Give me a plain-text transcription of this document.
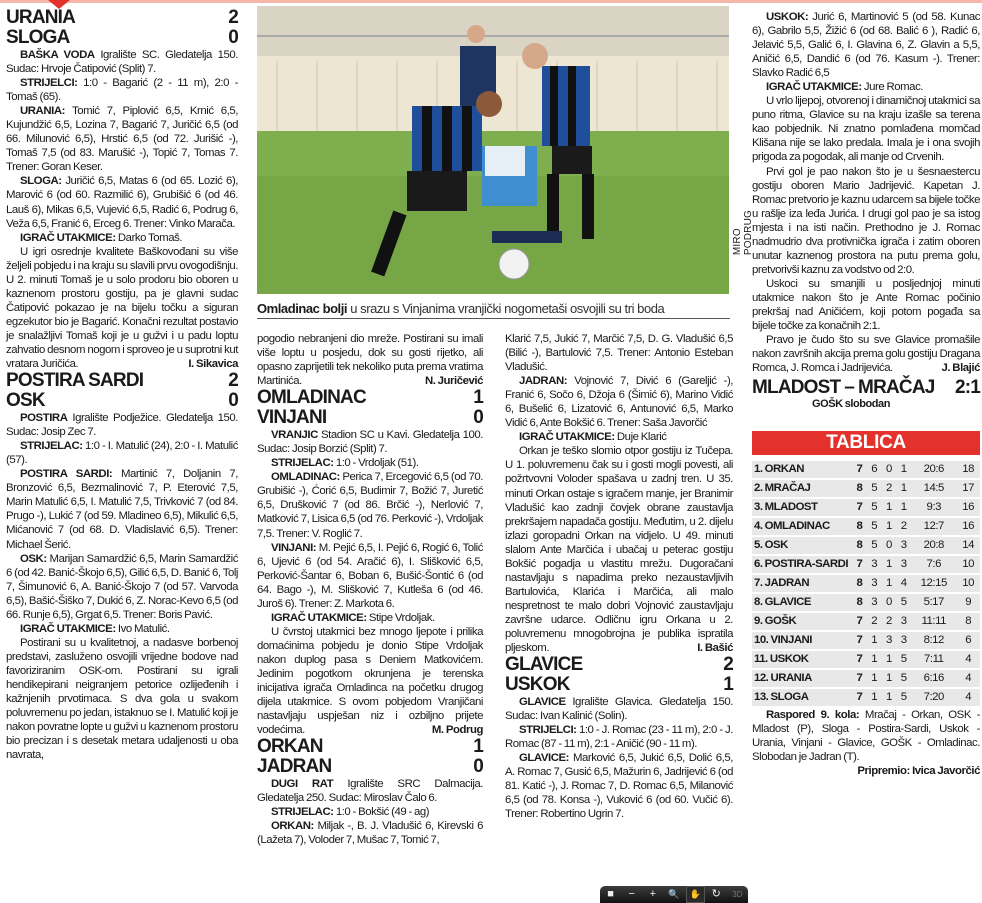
URANIA	2
SLOGA	0

BAŠKA VODA Igralište SC. Gledatelja 150. Sudac: Hrvoje Čatipović (Split) 7.

STRIJELCI: 1:0 - Bagarić (2 - 11 m), 2:0 - Tomaš (65).

URANIA: Tomić 7, Piplović 6,5, Krnić 6,5, Kujundžić 6,5, Lozina 7, Bagarić 7, Juričić 6,5 (od 66. Milunović 6,5), Hrstić 6,5 (od 72. Jurišić -), Tomaš 7,5 (od 83. Marušić -), Topić 7, Tomas 7. Trener: Goran Keser.

SLOGA: Juričić 6,5, Matas 6 (od 65. Lozić 6), Marović 6 (od 60. Razmilić 6), Grubišić 6 (od 46. Lauš 6), Mikas 6,5, Vujević 6,5, Radić 6, Podrug 6, Veža 6,5, Franić 6, Erceg 6. Trener: Vinko Marača.

IGRAČ UTAKMICE: Darko Tomaš.

U igri osrednje kvalitete Baškovođani su više željeli pobjedu i na kraju su slavili prvu ovogodišnju. U 2. minuti Tomaš je u solo prodoru bio oboren u kaznenom prostoru gostiju, pa je glavni sudac Čatipović pokazao je na bijelu točku a siguran egzekutor bio je Bagarić. Konačni rezultat postavio je snalažljivi Tomaš koji je u gužvi i u padu loptu zahvatio desnom nogom i sproveo je u suprotni kut vratara Juričića.	I. Sikavica

POSTIRA SARDI	2
OSK	0

POSTIRA Igralište Podježice. Gledatelja 150. Sudac: Josip Zec 7.

STRIJELAC: 1:0 - I. Matulić (24), 2:0 - I. Matulić (57).

POSTIRA SARDI: Martinić 7, Doljanin 7, Bronzović 6,5, Bezmalinović 7, P. Eterović 7,5, Marin Matulić 6,5, I. Matulić 7,5, Trivković 7 (od 84. Prugo -), Lukić 7 (od 59. Mladineo 6,5), Mikulić 6,5, Mićanović 7 (od 68. D. Vladislavić 6,5). Trener: Michael Šerić.

OSK: Marijan Samardžić 6,5, Marin Samardžić 6 (od 42. Banić-Škojo 6,5), Gilić 6,5, D. Banić 6, Tolj 7, Šimunović 6, A. Banić-Škojo 7 (od 57. Varvoda 6,5), Bašić-Šiško 7, Dukić 6, Z. Norac-Kevo 6,5 (od 66. Runje 6,5), Grgat 6,5. Trener: Boris Pavić.

IGRAČ UTAKMICE: Ivo Matulić.

Postirani su u kvalitetnoj, a nadasve borbenoj predstavi, zasluženo osvojili vrijedne bodove nad favoriziranim OSK-om. Postirani su igrali hendikepirani neigranjem petorice ozlijeđenih i kažnjenih prvotimaca. S dva gola u svakom poluvremenu po jedan, istaknuo se I. Matulić koji je nakon povratne lopte u gužvi u kaznenom prostoru bio precizan i s desetak metara udaljenosti u oba navrata,

MIRO PODRUG
Omladinac bolji u srazu s Vinjanima vranjički nogometaši osvojili su tri boda

pogodio nebranjeni dio mreže. Postirani su imali više loptu u posjedu, dok su gosti rijetko, ali opasno zaprijetili tek nekoliko puta prema vratima Martinića.	N. Juričević

OMLADINAC	1
VINJANI	0

VRANJIC Stadion SC u Kavi. Gledatelja 100. Sudac: Josip Borzić (Split) 7.

STRIJELAC: 1:0 - Vrdoljak (51).

OMLADINAC: Perica 7, Ercegović 6,5 (od 70. Grubišić -), Ćorić 6,5, Budimir 7, Božić 7, Juretić 6,5, Drušković 7 (od 86. Brčić -), Nerlović 7, Matković 7, Lisica 6,5 (od 76. Perković -), Vrdoljak 7,5. Trener: V. Roglić 7.

VINJANI: M. Pejić 6,5, I. Pejić 6, Rogić 6, Tolić 6, Ujević 6 (od 54. Aračić 6), I. Slišković 6,5, Perković-Šantar 6, Boban 6, Bušić-Šontić 6 (od 64. Bago -), M. Slišković 7, Kutleša 6 (od 46. Juroš 6). Trener: Z. Markota 6.

IGRAČ UTAKMICE: Stipe Vrdoljak.

U čvrstoj utakmici bez mnogo ljepote i prilika domaćinima pobjedu je donio Stipe Vrdoljak nakon duplog pasa s Deniem Matkovićem. Jedinim pogotkom okrunjena je terenska inicijativa igrača Omladinca na početku drugog dijela utakmice. S ovom pobjedom Vranjičani nastavljaju uspješan niz i ozbiljno prijete vodećima.	M. Podrug

ORKAN	1
JADRAN	0

DUGI RAT Igralište SRC Dalmacija. Gledatelja 250. Sudac: Miroslav Čalo 6.

STRIJELAC: 1:0 - Bokšić (49 - ag)

ORKAN: Miljak -, B. J. Vladušić 6, Kirevski 6 (Lažeta 7), Voloder 7, Mušac 7, Tomić 7,

Klarić 7,5, Jukić 7, Marčić 7,5, D. G. Vladušić 6,5 (Bilić -), Bartulović 7,5. Trener: Antonio Esteban Vladušić.

JADRAN: Vojnović 7, Divić 6 (Gareljić -), Franić 6, Sočo 6, Džoja 6 (Šimić 6), Marino Vidić 6, Bušelić 6, Lizatović 6, Antunović 6,5, Marko Vidić 6, Ante Bokšić 6. Trener: Saša Javorčić

IGRAČ UTAKMICE: Duje Klarić

Orkan je teško slomio otpor gostiju iz Tučepa. U 1. poluvremenu čak su i gosti mogli povesti, ali požrtvovni Voloder spašava u zadnj tren. U 35. minuti Orkan ostaje s igračem manje, jer Branimir Vladušić kao zadnji čovjek obrane zaustavlja prekršajem napadača gostiju. Međutim, u 2. dijelu izlazi goropadni Orkan na vidjelo. U 49. minuti slalom Ante Marčića i ubačaj u peterac gostiju Bokšić pogadja u vlastitu mrežu. Dugoračani nastavljaju s napadima preko nezaustavljivih Bartulovića, Klarića i Marčića, ali malo nespretnost te malo dobri Vojnović zaustavljaju završne udarce. Odličnu igru Orkana u 2. poluvremenu mnogobrojna je publika ispratila pljeskom.	I. Bašić

GLAVICE	2
USKOK	1

GLAVICE Igralište Glavica. Gledatelja 150. Sudac: Ivan Kalinić (Solin).

STRIJELCI: 1:0 - J. Romac (23 - 11 m), 2:0 - J. Romac (87 - 11 m), 2:1 - Aničić (90 - 11 m).

GLAVICE: Marković 6,5, Jukić 6,5, Dolić 6,5, A. Romac 7, Gusić 6,5, Mažurin 6, Jadrijević 6 (od 81. Katić -), J. Romac 7, D. Romac 6,5, Milanović 6,5 (od 78. Konsa -), Vuković 6 (od 60. Vučić 6). Trener: Robertino Ugrin 7.

USKOK: Jurić 6, Martinović 5 (od 58. Kunac 6), Gabrilo 5,5, Žižić 6 (od 68. Balić 6 ), Radić 6, Jelavić 5,5, Galić 6, I. Glavina 6, Z. Glavin a 5,5, Aničić 6,5, Dandić 6 (od 76. Kasum -). Trener: Slavko Radić 6,5

IGRAČ UTAKMICE: Jure Romac.

U vrlo lijepoj, otvorenoj i dinamičnoj utakmici sa puno ritma, Glavice su na kraju izašle sa terena kao pobjednik. Ni znatno pomlađena momčad Klišana nije se lako predala. Imala je i ona svojih prigoda za pogodak, ali manje od Crvenih.

Prvi gol je pao nakon što je u šesnaestercu gostiju oboren Mario Jadrijević. Kapetan J. Romac pretvorio je kaznu udarcem sa bijele točke u rašlje iza leđa Jurića. I drugi gol pao je sa istog mjesta i na isti način. Prethodno je J. Romac nadmudrio dva protivnička igrača i zatim oboren unutar kaznenog prostora na putu prema golu, pretvorivši kaznu za vodstvo od 2:0.

Uskoci su smanjili u posljednjoj minuti utakmice nakon što je Ante Romac počinio prekršaj nad Aničićem, koji potom pogađa sa bijele točke za konačnih 2:1.

Pravo je čudo što su sve Glavice promašile nakon završnih akcija prema golu gostiju Dragana Romca, J. Romca i Jadrijevića.	J. Blajić

MLADOST – MRAČAJ 2:1
GOŠK slobodan
TABLICA
1. ORKAN	7	6	0	1	20:6	18
2. MRAČAJ	8	5	2	1	14:5	17
3. MLADOST	7	5	1	1	9:3	16
4. OMLADINAC	8	5	1	2	12:7	16
5. OSK	8	5	0	3	20:8	14
6. POSTIRA-SARDI	7	3	1	3	7:6	10
7. JADRAN	8	3	1	4	12:15	10
8. GLAVICE	8	3	0	5	5:17	9
9. GOŠK	7	2	2	3	11:11	8
10. VINJANI	7	1	3	3	8:12	6
11. USKOK	7	1	1	5	7:11	4
12. URANIA	7	1	1	5	6:16	4
13. SLOGA	7	1	1	5	7:20	4

Raspored 9. kola: Mračaj - Orkan, OSK - Mladost (P), Sloga - Postira-Sardi, Uskok - Urania, Vinjani - Glavice, GOŠK - Omladinac. Slobodan je Jadran (T).

Pripremio: Ivica Javorčić

■	−	+	🔍	✋ ↻	3D
